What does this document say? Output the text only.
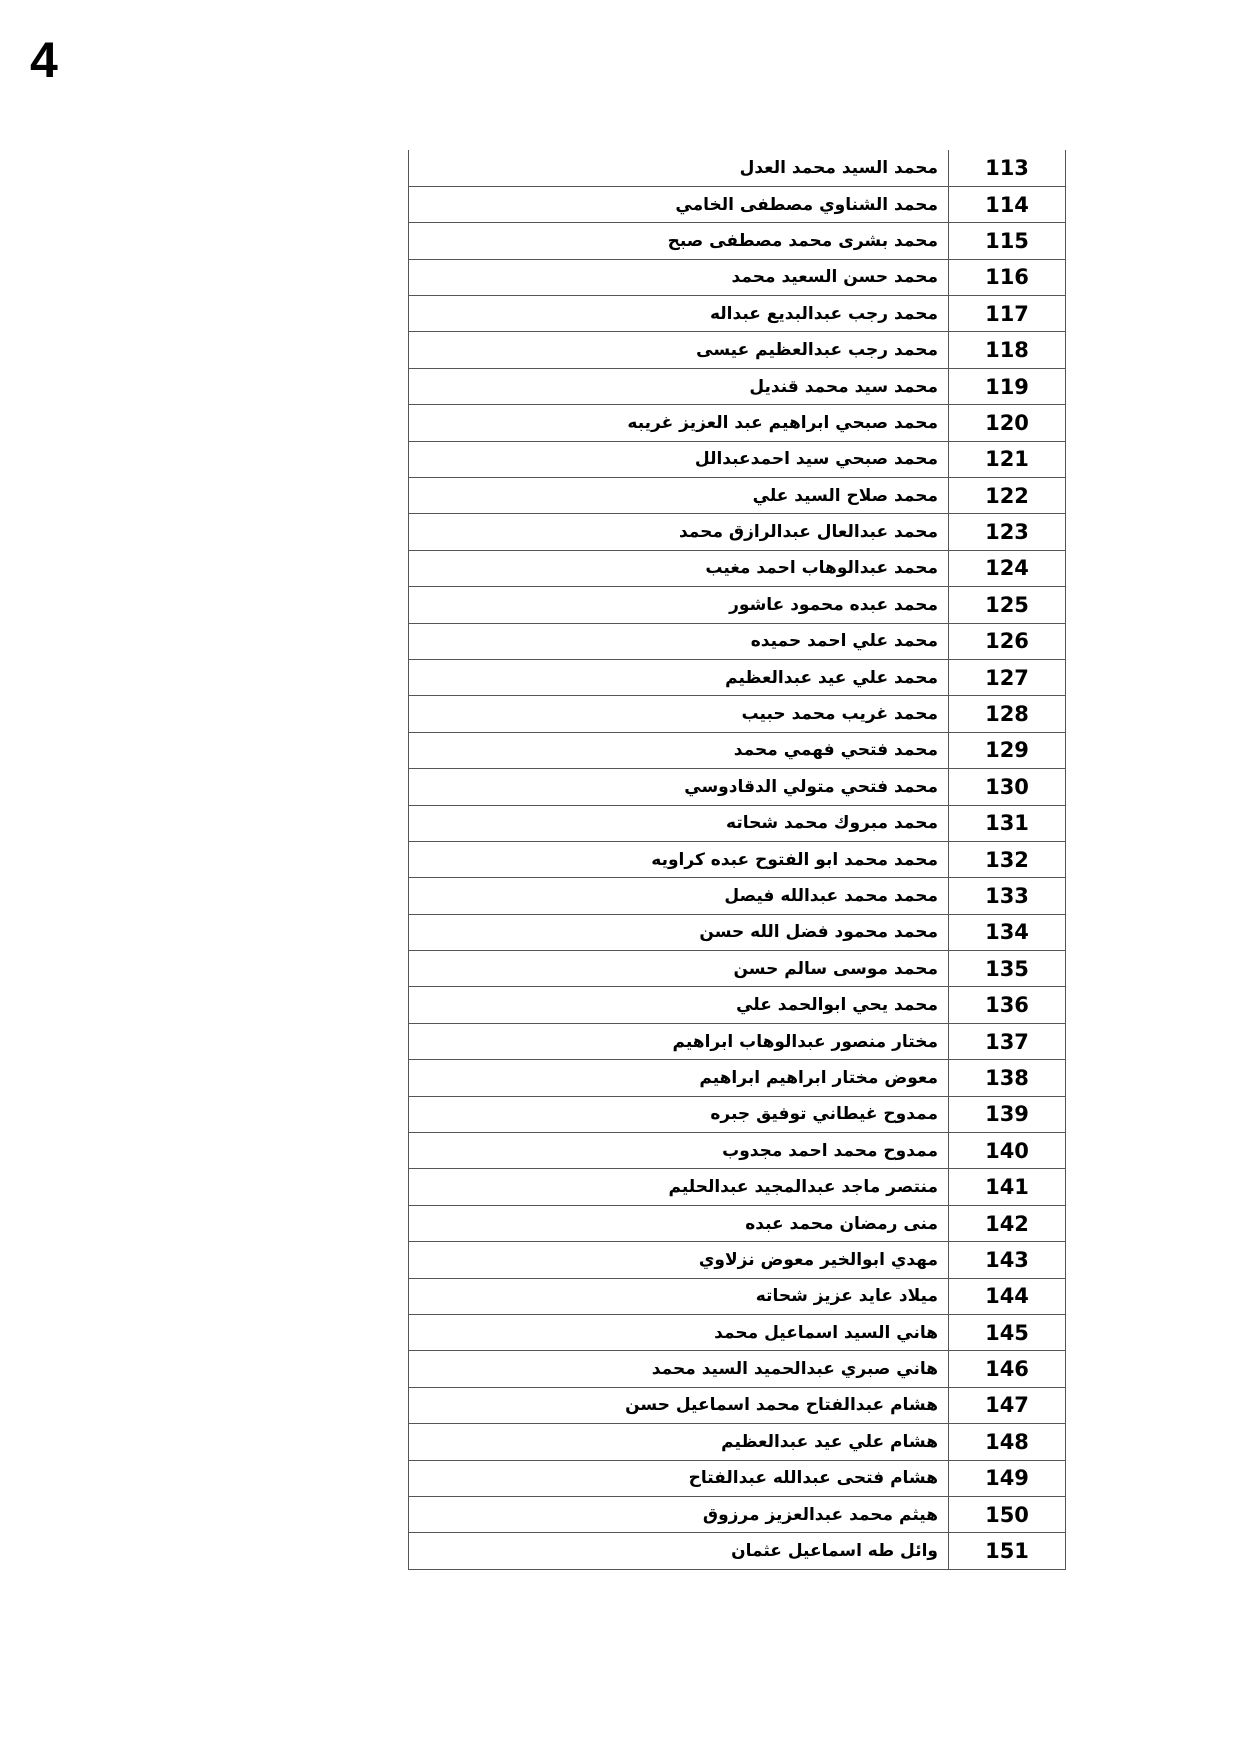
4
113	محمد السيد محمد العدل
114	محمد الشناوي مصطفى الخامي
115	محمد بشرى محمد مصطفى صبح
116	محمد حسن السعيد محمد
117	محمد رجب عبدالبديع عبداله
118	محمد رجب عبدالعظيم عيسى
119	محمد سيد محمد قنديل
120	محمد صبحي ابراهيم عبد العزيز غريبه
121	محمد صبحي سيد احمدعبدالل
122	محمد صلاح السيد علي
123	محمد عبدالعال عبدالرازق محمد
124	محمد عبدالوهاب احمد مغيب
125	محمد عبده محمود عاشور
126	محمد علي احمد حميده
127	محمد علي عيد عبدالعظيم
128	محمد غريب محمد حبيب
129	محمد فتحي فهمي محمد
130	محمد فتحي متولي الدقادوسي
131	محمد مبروك محمد شحاته
132	محمد محمد ابو الفتوح عبده كراويه
133	محمد محمد عبدالله فيصل
134	محمد محمود فضل الله حسن
135	محمد موسى سالم حسن
136	محمد يحي ابوالحمد علي
137	مختار منصور عبدالوهاب ابراهيم
138	معوض مختار ابراهيم ابراهيم
139	ممدوح غيطاني توفيق جبره
140	ممدوح محمد احمد مجدوب
141	منتصر ماجد عبدالمجيد عبدالحليم
142	منى رمضان محمد عبده
143	مهدي ابوالخير معوض نزلاوي
144	ميلاد عايد عزيز شحاته
145	هاني السيد اسماعيل محمد
146	هاني صبري عبدالحميد السيد محمد
147	هشام عبدالفتاح محمد اسماعيل حسن
148	هشام علي عيد عبدالعظيم
149	هشام فتحى عبدالله عبدالفتاح
150	هيثم محمد عبدالعزيز مرزوق
151	وائل طه اسماعيل عثمان
